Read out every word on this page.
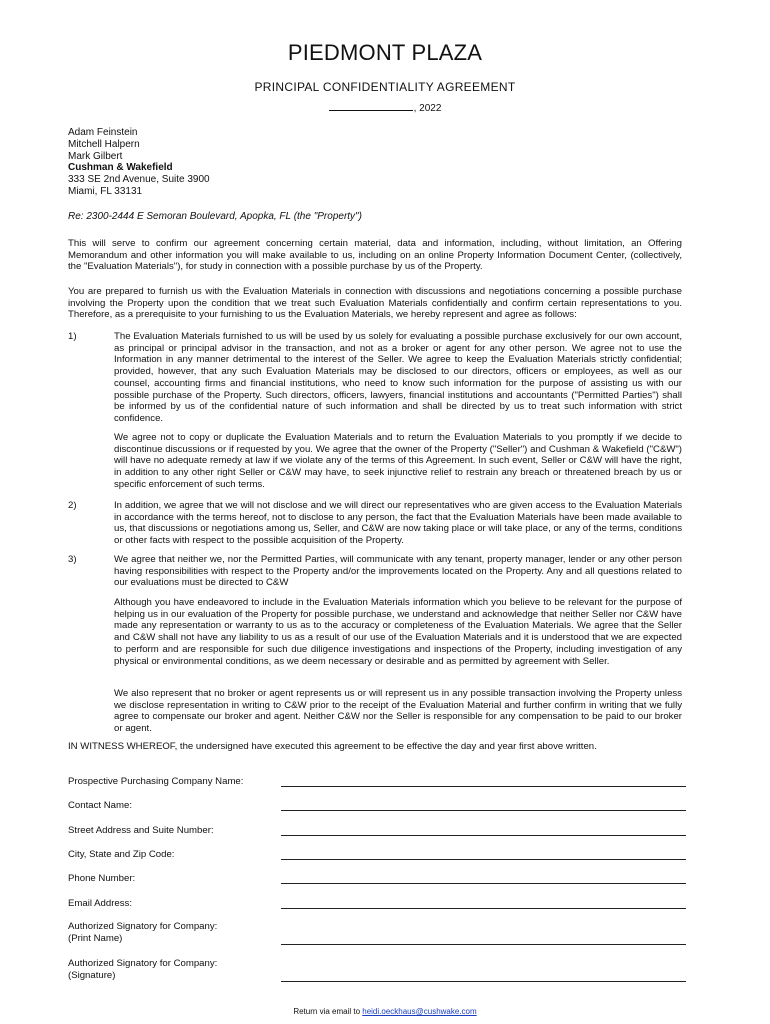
PIEDMONT PLAZA
PRINCIPAL CONFIDENTIALITY AGREEMENT
, 2022
Adam Feinstein
Mitchell Halpern
Mark Gilbert
Cushman & Wakefield
333 SE 2nd Avenue, Suite 3900
Miami, FL 33131
Re: 2300-2444 E Semoran Boulevard, Apopka, FL (the "Property")
This will serve to confirm our agreement concerning certain material, data and information, including, without limitation, an Offering Memorandum and other information you will make available to us, including on an online Property Information Document Center, (collectively, the "Evaluation Materials"), for study in connection with a possible purchase by us of the Property.
You are prepared to furnish us with the Evaluation Materials in connection with discussions and negotiations concerning a possible purchase involving the Property upon the condition that we treat such Evaluation Materials confidentially and confirm certain representations to you. Therefore, as a prerequisite to your furnishing to us the Evaluation Materials, we hereby represent and agree as follows:
1)	The Evaluation Materials furnished to us will be used by us solely for evaluating a possible purchase exclusively for our own account, as principal or principal advisor in the transaction, and not as a broker or agent for any other person. We agree not to use the Information in any manner detrimental to the interest of the Seller. We agree to keep the Evaluation Materials strictly confidential; provided, however, that any such Evaluation Materials may be disclosed to our directors, officers or employees, as well as our counsel, accounting firms and financial institutions, who need to know such information for the purpose of assisting us with our possible purchase of the Property. Such directors, officers, lawyers, financial institutions and accountants ("Permitted Parties") shall be informed by us of the confidential nature of such information and shall be directed by us to treat such information with strict confidence.
We agree not to copy or duplicate the Evaluation Materials and to return the Evaluation Materials to you promptly if we decide to discontinue discussions or if requested by you. We agree that the owner of the Property ("Seller") and Cushman & Wakefield ("C&W") will have no adequate remedy at law if we violate any of the terms of this Agreement. In such event, Seller or C&W will have the right, in addition to any other right Seller or C&W may have, to seek injunctive relief to restrain any breach or threatened breach by us or specific enforcement of such terms.
2)	In addition, we agree that we will not disclose and we will direct our representatives who are given access to the Evaluation Materials in accordance with the terms hereof, not to disclose to any person, the fact that the Evaluation Materials have been made available to us, that discussions or negotiations among us, Seller, and C&W are now taking place or will take place, or any of the terms, conditions or other facts with respect to the possible acquisition of the Property.
3)	We agree that neither we, nor the Permitted Parties, will communicate with any tenant, property manager, lender or any other person having responsibilities with respect to the Property and/or the improvements located on the Property. Any and all questions related to our evaluations must be directed to C&W
Although you have endeavored to include in the Evaluation Materials information which you believe to be relevant for the purpose of helping us in our evaluation of the Property for possible purchase, we understand and acknowledge that neither Seller nor C&W have made any representation or warranty to us as to the accuracy or completeness of the Evaluation Materials. We agree that the Seller and C&W shall not have any liability to us as a result of our use of the Evaluation Materials and it is understood that we are expected to perform and are responsible for such due diligence investigations and inspections of the Property, including investigation of any physical or environmental conditions, as we deem necessary or desirable and as permitted by agreement with Seller.
We also represent that no broker or agent represents us or will represent us in any possible transaction involving the Property unless we disclose representation in writing to C&W prior to the receipt of the Evaluation Material and further confirm in writing that we fully agree to compensate our broker and agent. Neither C&W nor the Seller is responsible for any compensation to be paid to our broker or agent.
IN WITNESS WHEREOF, the undersigned have executed this agreement to be effective the day and year first above written.
Prospective Purchasing Company Name:
Contact Name:
Street Address and Suite Number:
City, State and Zip Code:
Phone Number:
Email Address:
Authorized Signatory for Company:
(Print Name)
Authorized Signatory for Company:
(Signature)
Return via email to heidi.oeckhaus@cushwake.com
